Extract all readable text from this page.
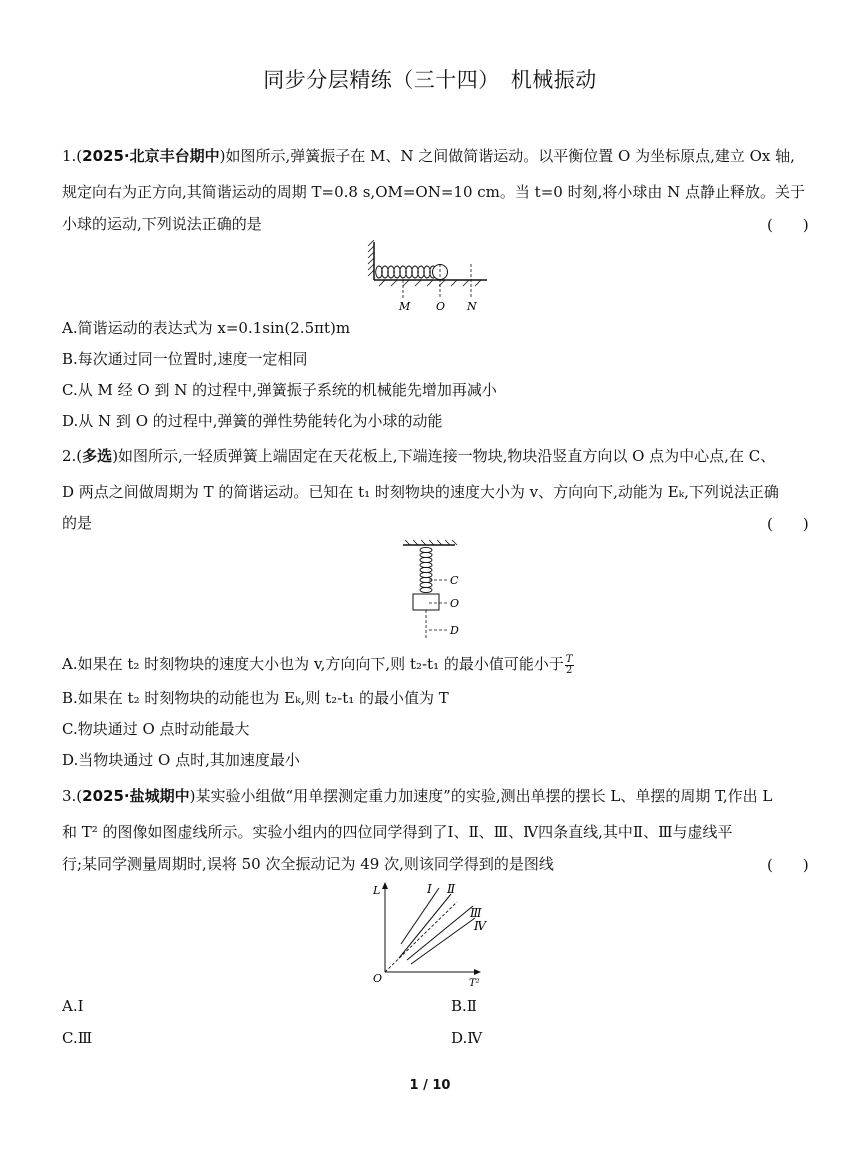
同步分层精练（三十四）　机械振动
1.(2025·北京丰台期中)如图所示,弹簧振子在 M、N 之间做简谐运动。以平衡位置 O 为坐标原点,建立 Ox 轴,
规定向右为正方向,其简谐运动的周期 T=0.8 s,OM=ON=10 cm。当 t=0 时刻,将小球由 N 点静止释放。关于
小球的运动,下列说法正确的是	(　　)
M O N
A.简谐运动的表达式为 x=0.1sin(2.5πt)m
B.每次通过同一位置时,速度一定相同
C.从 M 经 O 到 N 的过程中,弹簧振子系统的机械能先增加再减小
D.从 N 到 O 的过程中,弹簧的弹性势能转化为小球的动能
2.(多选)如图所示,一轻质弹簧上端固定在天花板上,下端连接一物块,物块沿竖直方向以 O 点为中心点,在 C、
D 两点之间做周期为 T 的简谐运动。已知在 t₁ 时刻物块的速度大小为 v、方向向下,动能为 Eₖ,下列说法正确
的是	(　　)
C
O
D
A.如果在 t₂ 时刻物块的速度大小也为 v,方向向下,则 t₂-t₁ 的最小值可能小于 $\frac{T}{2}$
B.如果在 t₂ 时刻物块的动能也为 Eₖ,则 t₂-t₁ 的最小值为 T
C.物块通过 O 点时动能最大
D.当物块通过 O 点时,其加速度最小
3.(2025·盐城期中)某实验小组做“用单摆测定重力加速度”的实验,测出单摆的摆长 L、单摆的周期 T,作出 L
和 T² 的图像如图虚线所示。实验小组内的四位同学得到了Ⅰ、Ⅱ、Ⅲ、Ⅳ四条直线,其中Ⅱ、Ⅲ与虚线平
行;某同学测量周期时,误将 50 次全振动记为 49 次,则该同学得到的是图线	(　　)
L
T²
O
Ⅰ Ⅱ
Ⅲ
Ⅳ
A.Ⅰ	B.Ⅱ
C.Ⅲ	D.Ⅳ
1 / 10
